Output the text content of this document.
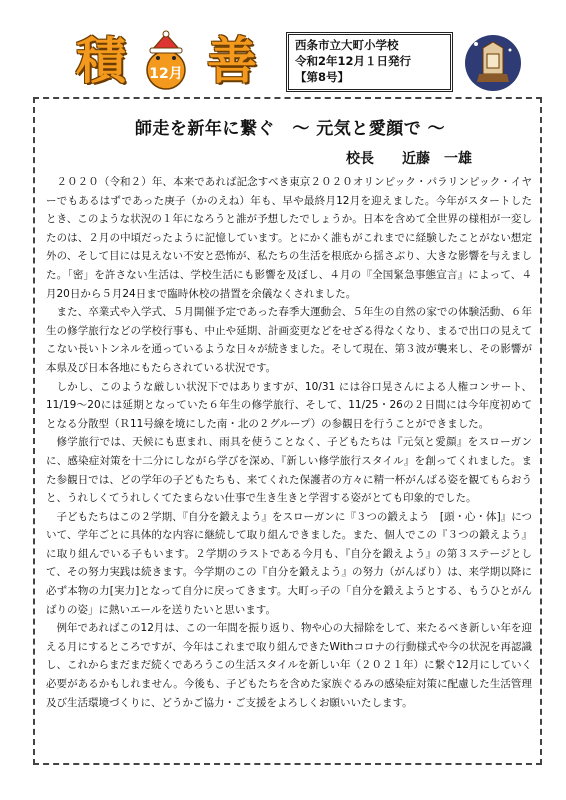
積 12月 善	西条市立大町小学校
令和2年12月１日発行
【第8号】
師走を新年に繋ぐ　～ 元気と愛顔で ～
校長　　近藤　一雄

２０２０（令和２）年、本来であれば記念すべき東京２０２０オリンピック・パラリンピック・イヤーでもあるはずであった庚子（かのえね）年も、早や最終月12月を迎えました。今年がスタートしたとき、このような状況の１年になろうと誰が予想したでしょうか。日本を含めて全世界の様相が一変したのは、２月の中頃だったように記憶しています。とにかく誰もがこれまでに経験したことがない想定外の、そして目には見えない不安と恐怖が、私たちの生活を根底から揺さぶり、大きな影響を与えました。「密」を許さない生活は、学校生活にも影響を及ぼし、４月の『全国緊急事態宣言』によって、４月20日から５月24日まで臨時休校の措置を余儀なくされました。

また、卒業式や入学式、５月開催予定であった春季大運動会、５年生の自然の家での体験活動、６年生の修学旅行などの学校行事も、中止や延期、計画変更などをせざる得なくなり、まるで出口の見えてこない長いトンネルを通っているような日々が続きました。そして現在、第３波が襲来し、その影響が本県及び日本各地にもたらされている状況です。

しかし、このような厳しい状況下ではありますが、10/31 には谷口晃さんによる人権コンサート、11/19～20には延期となっていた６年生の修学旅行、そして、11/25・26の２日間には今年度初めてとなる分散型（Ｒ11号線を境にした南・北の２グループ）の参観日を行うことができました。

修学旅行では、天候にも恵まれ、雨具を使うことなく、子どもたちは『元気と愛顔』をスローガンに、感染症対策を十二分にしながら学びを深め、『新しい修学旅行スタイル』を創ってくれました。また参観日では、どの学年の子どもたちも、来てくれた保護者の方々に精一杯がんばる姿を観てもらおうと、うれしくてうれしくてたまらない仕事で生き生きと学習する姿がとても印象的でした。

子どもたちはこの２学期、『自分を鍛えよう』をスローガンに『３つの鍛えよう　[頭・心・体]』について、学年ごとに具体的な内容に継続して取り組んできました。また、個人でこの『３つの鍛えよう』に取り組んでいる子もいます。２学期のラストである今月も、『自分を鍛えよう』の第３ステージとして、その努力実践は続きます。今学期のこの『自分を鍛えよう』の努力（がんばり）は、来学期以降に必ず本物の力[実力]となって自分に戻ってきます。大町っ子の「自分を鍛えようとする、もうひとがんばりの姿」に熱いエールを送りたいと思います。

例年であればこの12月は、この一年間を振り返り、物や心の大掃除をして、来たるべき新しい年を迎える月にするところですが、今年はこれまで取り組んできたWithコロナの行動様式や今の状況を再認識し、これからまだまだ続くであろうこの生活スタイルを新しい年（２０２１年）に繋ぐ12月にしていく必要があるかもしれません。今後も、子どもたちを含めた家族ぐるみの感染症対策に配慮した生活管理及び生活環境づくりに、どうかご協力・ご支援をよろしくお願いいたします。
